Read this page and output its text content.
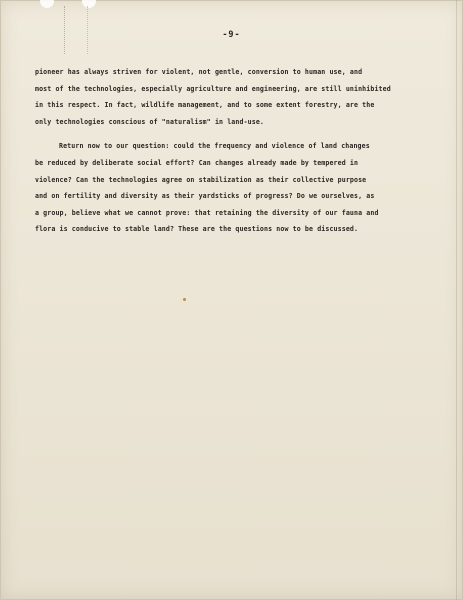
-9-
pioneer has always striven for violent, not gentle, conversion to human use, and
most of the technologies, especially agriculture and engineering, are still uninhibited
in this respect. In fact, wildlife management, and to some extent forestry, are the
only technologies conscious of "naturalism" in land-use.
Return now to our question: could the frequency and violence of land changes
be reduced by deliberate social effort? Can changes already made by tempered in
violence? Can the technologies agree on stabilization as their collective purpose
and on fertility and diversity as their yardsticks of progress? Do we ourselves, as
a group, believe what we cannot prove: that retaining the diversity of our fauna and
flora is conducive to stable land? These are the questions now to be discussed.
